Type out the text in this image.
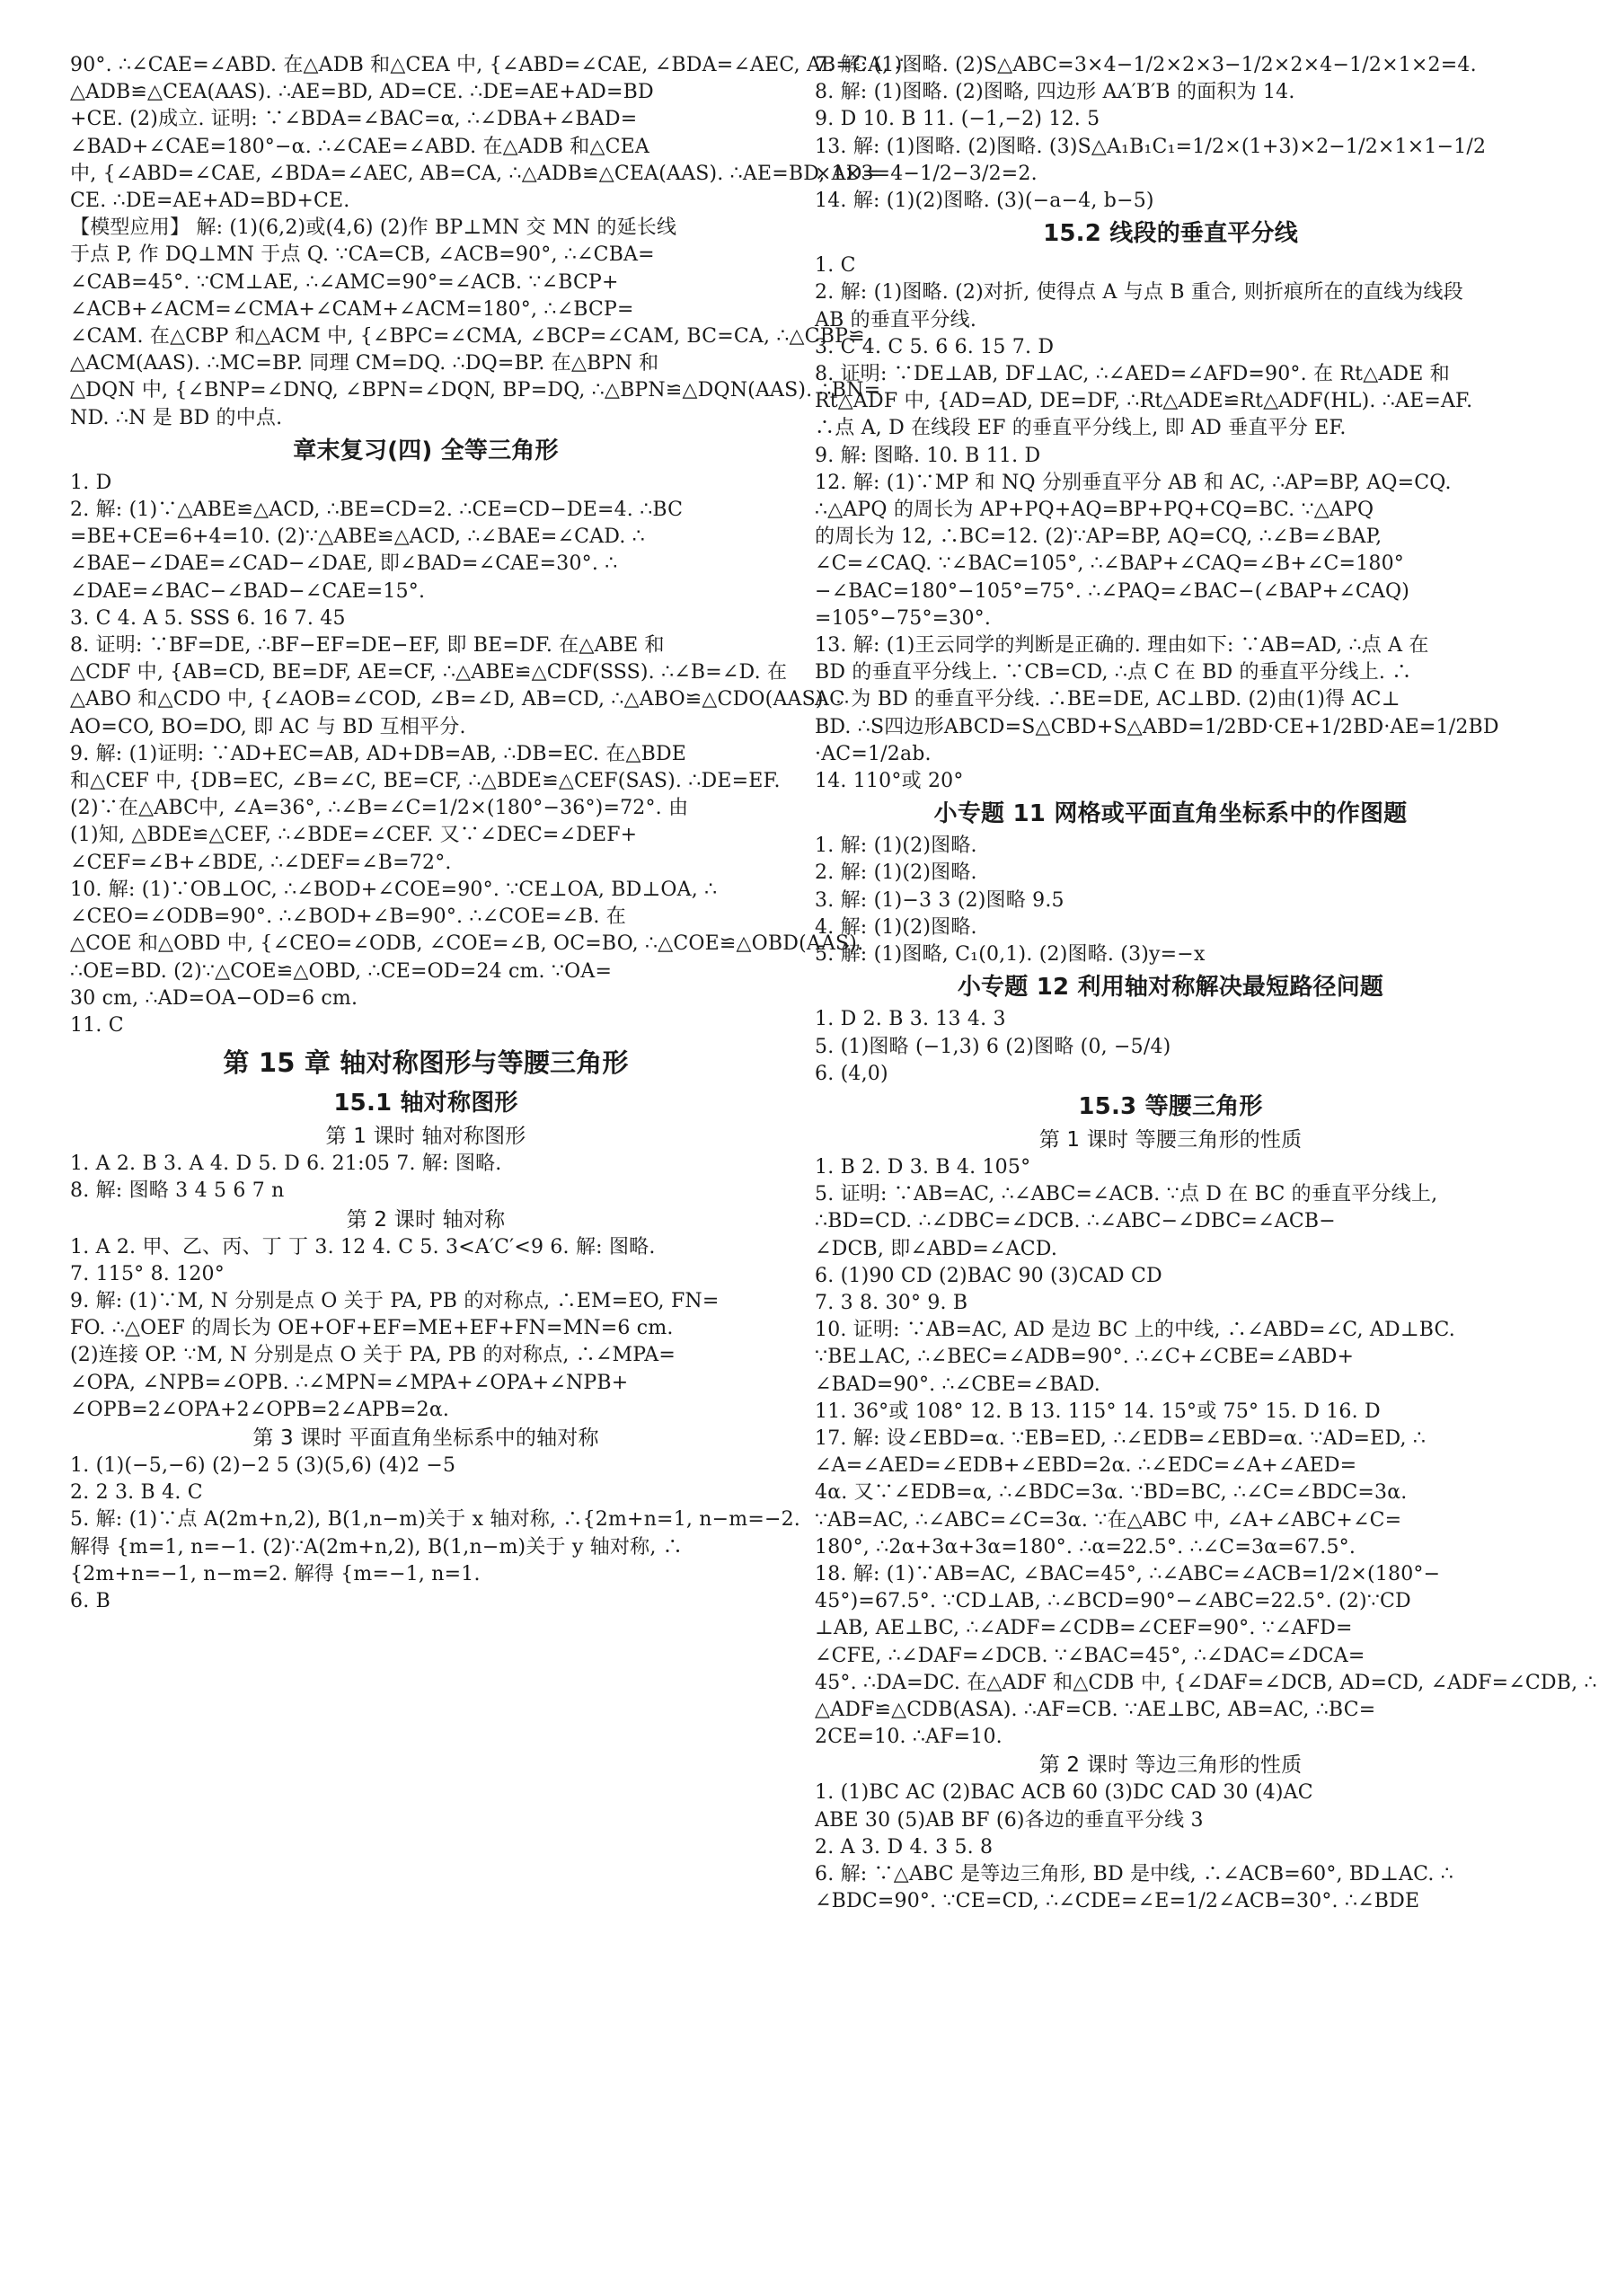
90°. ∴∠CAE=∠ABD. 在△ADB 和△CEA 中, {∠ABD=∠CAE, ∠BDA=∠AEC, AB=CA, ∴
△ADB≌△CEA(AAS). ∴AE=BD, AD=CE. ∴DE=AE+AD=BD
+CE. (2)成立. 证明: ∵∠BDA=∠BAC=α, ∴∠DBA+∠BAD=
∠BAD+∠CAE=180°−α. ∴∠CAE=∠ABD. 在△ADB 和△CEA
中, {∠ABD=∠CAE, ∠BDA=∠AEC, AB=CA, ∴△ADB≌△CEA(AAS). ∴AE=BD, AD=
CE. ∴DE=AE+AD=BD+CE.
【模型应用】 解: (1)(6,2)或(4,6) (2)作 BP⊥MN 交 MN 的延长线
于点 P, 作 DQ⊥MN 于点 Q. ∵CA=CB, ∠ACB=90°, ∴∠CBA=
∠CAB=45°. ∵CM⊥AE, ∴∠AMC=90°=∠ACB. ∵∠BCP+
∠ACB+∠ACM=∠CMA+∠CAM+∠ACM=180°, ∴∠BCP=
∠CAM. 在△CBP 和△ACM 中, {∠BPC=∠CMA, ∠BCP=∠CAM, BC=CA, ∴△CBP≌
△ACM(AAS). ∴MC=BP. 同理 CM=DQ. ∴DQ=BP. 在△BPN 和
△DQN 中, {∠BNP=∠DNQ, ∠BPN=∠DQN, BP=DQ, ∴△BPN≌△DQN(AAS). ∴BN=
ND. ∴N 是 BD 的中点.
章末复习(四) 全等三角形
1. D
2. 解: (1)∵△ABE≌△ACD, ∴BE=CD=2. ∴CE=CD−DE=4. ∴BC
=BE+CE=6+4=10. (2)∵△ABE≌△ACD, ∴∠BAE=∠CAD. ∴
∠BAE−∠DAE=∠CAD−∠DAE, 即∠BAD=∠CAE=30°. ∴
∠DAE=∠BAC−∠BAD−∠CAE=15°.
3. C 4. A 5. SSS 6. 16 7. 45
8. 证明: ∵BF=DE, ∴BF−EF=DE−EF, 即 BE=DF. 在△ABE 和
△CDF 中, {AB=CD, BE=DF, AE=CF, ∴△ABE≌△CDF(SSS). ∴∠B=∠D. 在
△ABO 和△CDO 中, {∠AOB=∠COD, ∠B=∠D, AB=CD, ∴△ABO≌△CDO(AAS). ∴
AO=CO, BO=DO, 即 AC 与 BD 互相平分.
9. 解: (1)证明: ∵AD+EC=AB, AD+DB=AB, ∴DB=EC. 在△BDE
和△CEF 中, {DB=EC, ∠B=∠C, BE=CF, ∴△BDE≌△CEF(SAS). ∴DE=EF.
(2)∵在△ABC中, ∠A=36°, ∴∠B=∠C=1/2×(180°−36°)=72°. 由
(1)知, △BDE≌△CEF, ∴∠BDE=∠CEF. 又∵∠DEC=∠DEF+
∠CEF=∠B+∠BDE, ∴∠DEF=∠B=72°.
10. 解: (1)∵OB⊥OC, ∴∠BOD+∠COE=90°. ∵CE⊥OA, BD⊥OA, ∴
∠CEO=∠ODB=90°. ∴∠BOD+∠B=90°. ∴∠COE=∠B. 在
△COE 和△OBD 中, {∠CEO=∠ODB, ∠COE=∠B, OC=BO, ∴△COE≌△OBD(AAS).
∴OE=BD. (2)∵△COE≌△OBD, ∴CE=OD=24 cm. ∵OA=
30 cm, ∴AD=OA−OD=6 cm.
11. C
第 15 章 轴对称图形与等腰三角形
15.1 轴对称图形
第 1 课时 轴对称图形
1. A 2. B 3. A 4. D 5. D 6. 21:05 7. 解: 图略.
8. 解: 图略 3 4 5 6 7 n
第 2 课时 轴对称
1. A 2. 甲、乙、丙、丁 丁 3. 12 4. C 5. 3<A′C′<9 6. 解: 图略.
7. 115° 8. 120°
9. 解: (1)∵M, N 分别是点 O 关于 PA, PB 的对称点, ∴EM=EO, FN=
FO. ∴△OEF 的周长为 OE+OF+EF=ME+EF+FN=MN=6 cm.
(2)连接 OP. ∵M, N 分别是点 O 关于 PA, PB 的对称点, ∴∠MPA=
∠OPA, ∠NPB=∠OPB. ∴∠MPN=∠MPA+∠OPA+∠NPB+
∠OPB=2∠OPA+2∠OPB=2∠APB=2α.
第 3 课时 平面直角坐标系中的轴对称
1. (1)(−5,−6) (2)−2 5 (3)(5,6) (4)2 −5
2. 2 3. B 4. C
5. 解: (1)∵点 A(2m+n,2), B(1,n−m)关于 x 轴对称, ∴{2m+n=1, n−m=−2.
解得 {m=1, n=−1. (2)∵A(2m+n,2), B(1,n−m)关于 y 轴对称, ∴
{2m+n=−1, n−m=2. 解得 {m=−1, n=1.
6. B
7. 解: (1)图略. (2)S△ABC=3×4−1/2×2×3−1/2×2×4−1/2×1×2=4.
8. 解: (1)图略. (2)图略, 四边形 AA′B′B 的面积为 14.
9. D 10. B 11. (−1,−2) 12. 5
13. 解: (1)图略. (2)图略. (3)S△A₁B₁C₁=1/2×(1+3)×2−1/2×1×1−1/2
×1×3=4−1/2−3/2=2.
14. 解: (1)(2)图略. (3)(−a−4, b−5)
15.2 线段的垂直平分线
1. C
2. 解: (1)图略. (2)对折, 使得点 A 与点 B 重合, 则折痕所在的直线为线段
AB 的垂直平分线.
3. C 4. C 5. 6 6. 15 7. D
8. 证明: ∵DE⊥AB, DF⊥AC, ∴∠AED=∠AFD=90°. 在 Rt△ADE 和
Rt△ADF 中, {AD=AD, DE=DF, ∴Rt△ADE≌Rt△ADF(HL). ∴AE=AF.
∴点 A, D 在线段 EF 的垂直平分线上, 即 AD 垂直平分 EF.
9. 解: 图略. 10. B 11. D
12. 解: (1)∵MP 和 NQ 分别垂直平分 AB 和 AC, ∴AP=BP, AQ=CQ.
∴△APQ 的周长为 AP+PQ+AQ=BP+PQ+CQ=BC. ∵△APQ
的周长为 12, ∴BC=12. (2)∵AP=BP, AQ=CQ, ∴∠B=∠BAP,
∠C=∠CAQ. ∵∠BAC=105°, ∴∠BAP+∠CAQ=∠B+∠C=180°
−∠BAC=180°−105°=75°. ∴∠PAQ=∠BAC−(∠BAP+∠CAQ)
=105°−75°=30°.
13. 解: (1)王云同学的判断是正确的. 理由如下: ∵AB=AD, ∴点 A 在
BD 的垂直平分线上. ∵CB=CD, ∴点 C 在 BD 的垂直平分线上. ∴
AC 为 BD 的垂直平分线. ∴BE=DE, AC⊥BD. (2)由(1)得 AC⊥
BD. ∴S四边形ABCD=S△CBD+S△ABD=1/2BD·CE+1/2BD·AE=1/2BD
·AC=1/2ab.
14. 110°或 20°
小专题 11 网格或平面直角坐标系中的作图题
1. 解: (1)(2)图略.
2. 解: (1)(2)图略.
3. 解: (1)−3 3 (2)图略 9.5
4. 解: (1)(2)图略.
5. 解: (1)图略, C₁(0,1). (2)图略. (3)y=−x
小专题 12 利用轴对称解决最短路径问题
1. D 2. B 3. 13 4. 3
5. (1)图略 (−1,3) 6 (2)图略 (0, −5/4)
6. (4,0)
15.3 等腰三角形
第 1 课时 等腰三角形的性质
1. B 2. D 3. B 4. 105°
5. 证明: ∵AB=AC, ∴∠ABC=∠ACB. ∵点 D 在 BC 的垂直平分线上,
∴BD=CD. ∴∠DBC=∠DCB. ∴∠ABC−∠DBC=∠ACB−
∠DCB, 即∠ABD=∠ACD.
6. (1)90 CD (2)BAC 90 (3)CAD CD
7. 3 8. 30° 9. B
10. 证明: ∵AB=AC, AD 是边 BC 上的中线, ∴∠ABD=∠C, AD⊥BC.
∵BE⊥AC, ∴∠BEC=∠ADB=90°. ∴∠C+∠CBE=∠ABD+
∠BAD=90°. ∴∠CBE=∠BAD.
11. 36°或 108° 12. B 13. 115° 14. 15°或 75° 15. D 16. D
17. 解: 设∠EBD=α. ∵EB=ED, ∴∠EDB=∠EBD=α. ∵AD=ED, ∴
∠A=∠AED=∠EDB+∠EBD=2α. ∴∠EDC=∠A+∠AED=
4α. 又∵∠EDB=α, ∴∠BDC=3α. ∵BD=BC, ∴∠C=∠BDC=3α.
∵AB=AC, ∴∠ABC=∠C=3α. ∵在△ABC 中, ∠A+∠ABC+∠C=
180°, ∴2α+3α+3α=180°. ∴α=22.5°. ∴∠C=3α=67.5°.
18. 解: (1)∵AB=AC, ∠BAC=45°, ∴∠ABC=∠ACB=1/2×(180°−
45°)=67.5°. ∵CD⊥AB, ∴∠BCD=90°−∠ABC=22.5°. (2)∵CD
⊥AB, AE⊥BC, ∴∠ADF=∠CDB=∠CEF=90°. ∵∠AFD=
∠CFE, ∴∠DAF=∠DCB. ∵∠BAC=45°, ∴∠DAC=∠DCA=
45°. ∴DA=DC. 在△ADF 和△CDB 中, {∠DAF=∠DCB, AD=CD, ∠ADF=∠CDB, ∴
△ADF≌△CDB(ASA). ∴AF=CB. ∵AE⊥BC, AB=AC, ∴BC=
2CE=10. ∴AF=10.
第 2 课时 等边三角形的性质
1. (1)BC AC (2)BAC ACB 60 (3)DC CAD 30 (4)AC
ABE 30 (5)AB BF (6)各边的垂直平分线 3
2. A 3. D 4. 3 5. 8
6. 解: ∵△ABC 是等边三角形, BD 是中线, ∴∠ACB=60°, BD⊥AC. ∴
∠BDC=90°. ∵CE=CD, ∴∠CDE=∠E=1/2∠ACB=30°. ∴∠BDE
